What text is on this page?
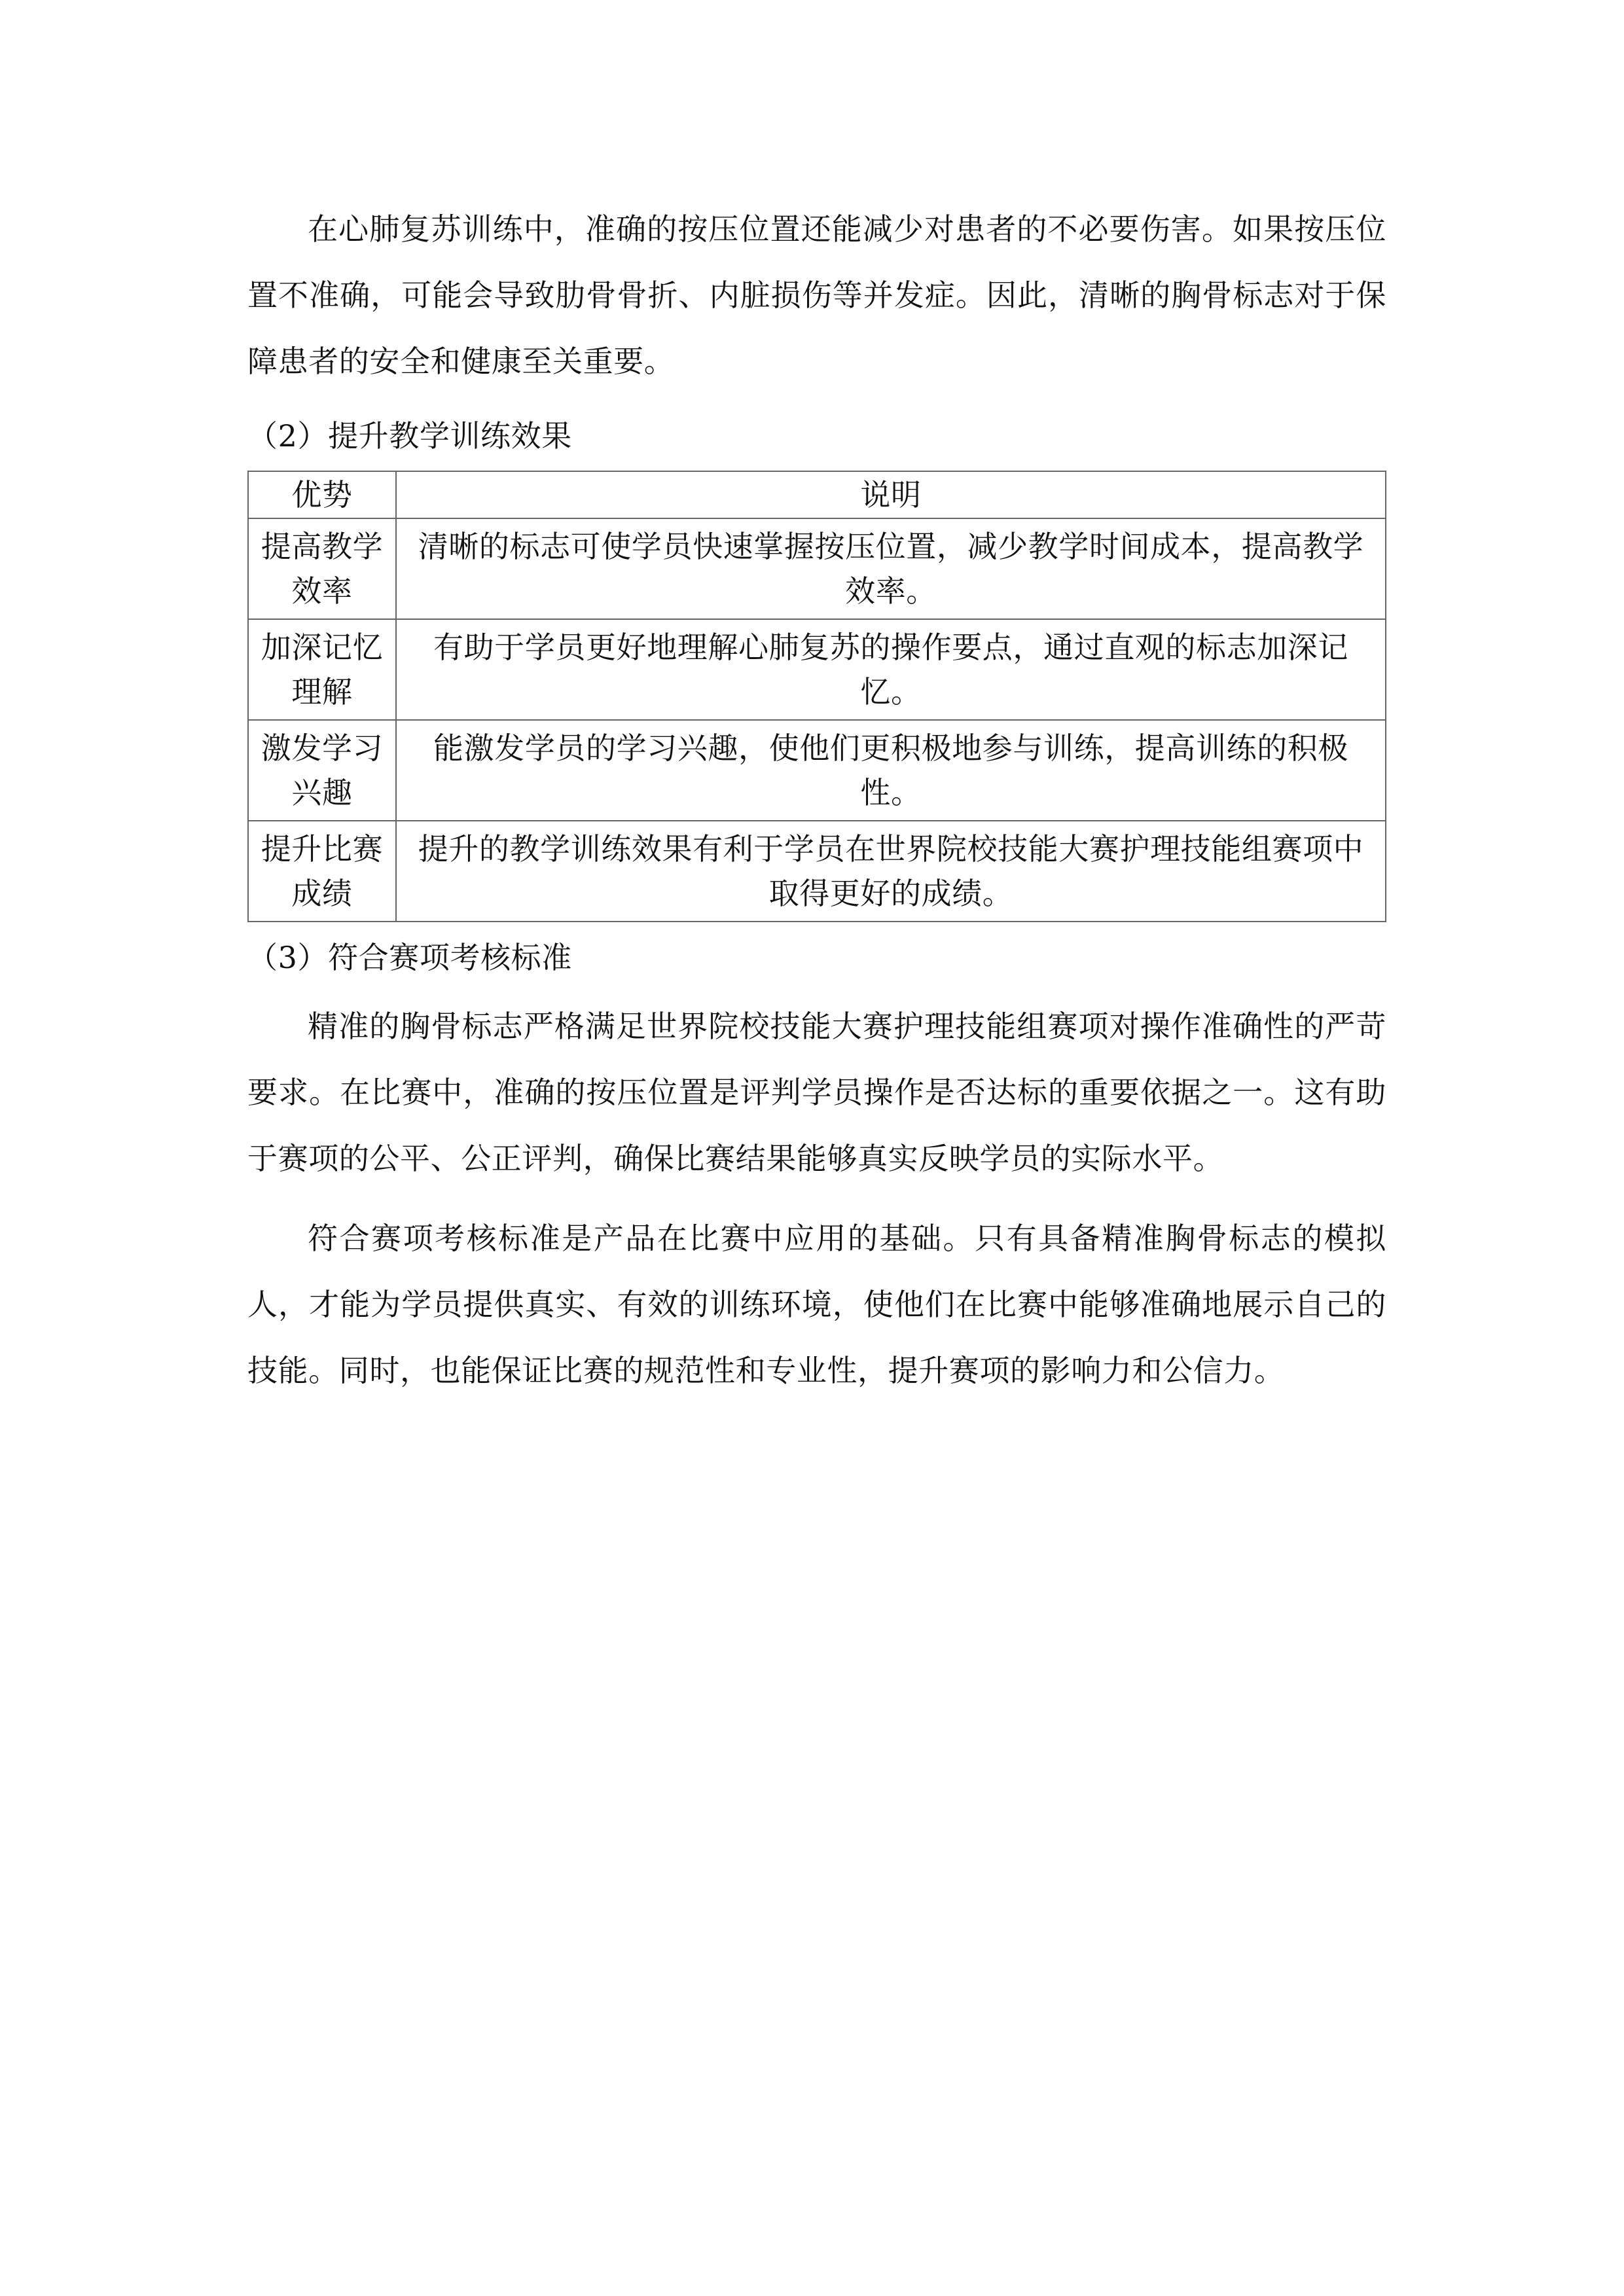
在心肺复苏训练中，准确的按压位置还能减少对患者的不必要伤害。如果按压位置不准确，可能会导致肋骨骨折、内脏损伤等并发症。因此，清晰的胸骨标志对于保障患者的安全和健康至关重要。

（2）提升教学训练效果

优势	说明
提高教学效率	清晰的标志可使学员快速掌握按压位置，减少教学时间成本，提高教学效率。
加深记忆理解	有助于学员更好地理解心肺复苏的操作要点，通过直观的标志加深记忆。
激发学习兴趣	能激发学员的学习兴趣，使他们更积极地参与训练，提高训练的积极性。
提升比赛成绩	提升的教学训练效果有利于学员在世界院校技能大赛护理技能组赛项中取得更好的成绩。

（3）符合赛项考核标准

精准的胸骨标志严格满足世界院校技能大赛护理技能组赛项对操作准确性的严苛要求。在比赛中，准确的按压位置是评判学员操作是否达标的重要依据之一。这有助于赛项的公平、公正评判，确保比赛结果能够真实反映学员的实际水平。

符合赛项考核标准是产品在比赛中应用的基础。只有具备精准胸骨标志的模拟人，才能为学员提供真实、有效的训练环境，使他们在比赛中能够准确地展示自己的技能。同时，也能保证比赛的规范性和专业性，提升赛项的影响力和公信力。
